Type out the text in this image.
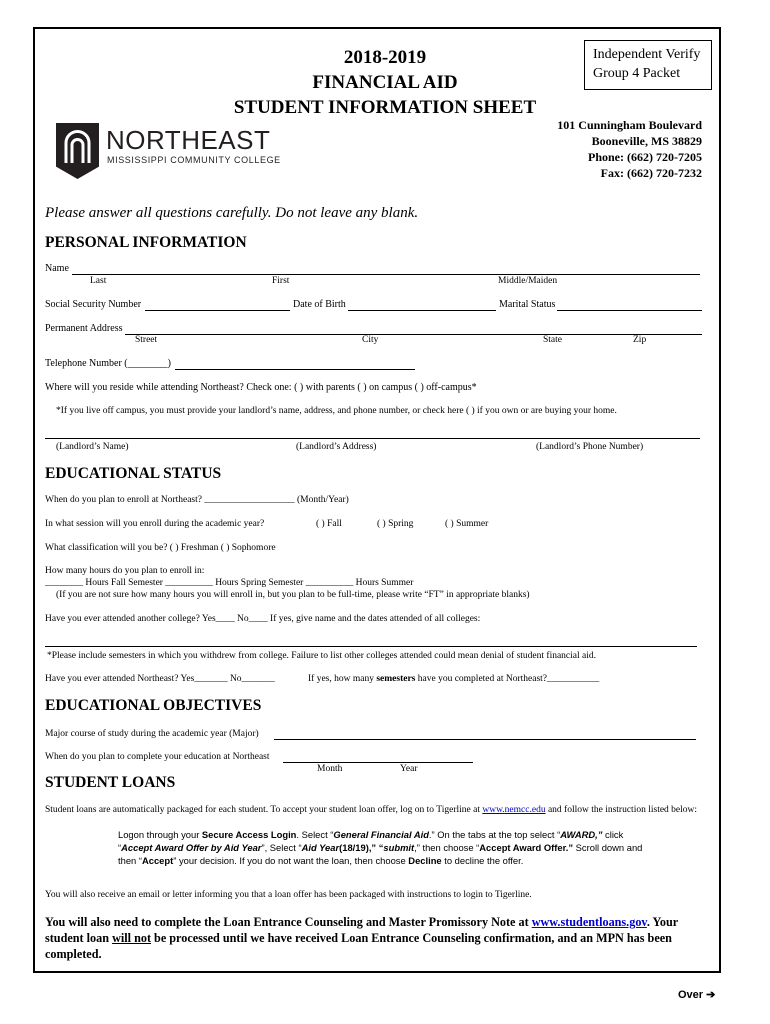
2018-2019
FINANCIAL AID
STUDENT INFORMATION SHEET
Independent Verify
Group 4 Packet
101 Cunningham Boulevard
Booneville, MS 38829
Phone: (662) 720-7205
Fax: (662) 720-7232
NORTHEAST
MISSISSIPPI COMMUNITY COLLEGE
Please answer all questions carefully. Do not leave any blank.
PERSONAL INFORMATION
Name
Last	First	Middle/Maiden
Social Security Number	Date of Birth	Marital Status
Permanent Address
Street	City	State	Zip
Telephone Number (________)
Where will you reside while attending Northeast? Check one: ( ) with parents ( ) on campus ( ) off-campus*
*If you live off campus, you must provide your landlord’s name, address, and phone number, or check here ( ) if you own or are buying your home.
(Landlord’s Name)	(Landlord’s Address)	(Landlord’s Phone Number)
EDUCATIONAL STATUS
When do you plan to enroll at Northeast? ___________________ (Month/Year)
In what session will you enroll during the academic year?	( ) Fall	( ) Spring	( ) Summer
What classification will you be? ( ) Freshman ( ) Sophomore
How many hours do you plan to enroll in:
________ Hours Fall Semester __________ Hours Spring Semester __________ Hours Summer
(If you are not sure how many hours you will enroll in, but you plan to be full-time, please write “FT” in appropriate blanks)
Have you ever attended another college? Yes____ No____ If yes, give name and the dates attended of all colleges:
*Please include semesters in which you withdrew from college. Failure to list other colleges attended could mean denial of student financial aid.
Have you ever attended Northeast? Yes_______ No_______	If yes, how many semesters have you completed at Northeast?___________
EDUCATIONAL OBJECTIVES
Major course of study during the academic year (Major)
When do you plan to complete your education at Northeast
Month	Year
STUDENT LOANS
Student loans are automatically packaged for each student. To accept your student loan offer, log on to Tigerline at www.nemcc.edu and follow the instruction listed below:
Logon through your Secure Access Login. Select “General Financial Aid.” On the tabs at the top select “AWARD,” click “Accept Award Offer by Aid Year”, Select “Aid Year(18/19),” “submit,” then choose “Accept Award Offer.” Scroll down and then “Accept” your decision. If you do not want the loan, then choose Decline to decline the offer.
You will also receive an email or letter informing you that a loan offer has been packaged with instructions to login to Tigerline.
You will also need to complete the Loan Entrance Counseling and Master Promissory Note at www.studentloans.gov. Your student loan will not be processed until we have received Loan Entrance Counseling confirmation, and an MPN has been completed.
Over ➔
